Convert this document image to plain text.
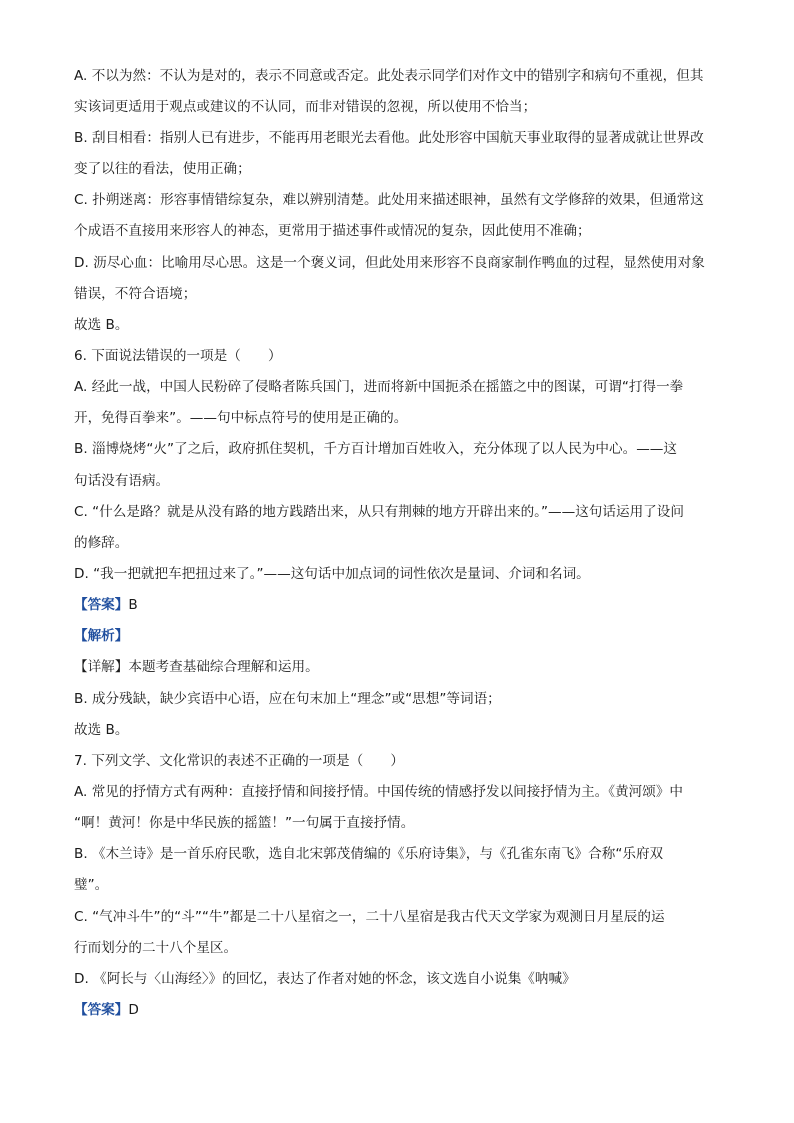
A. 不以为然：不认为是对的，表示不同意或否定。此处表示同学们对作文中的错别字和病句不重视，但其
实该词更适用于观点或建议的不认同，而非对错误的忽视，所以使用不恰当；
B. 刮目相看：指别人已有进步，不能再用老眼光去看他。此处形容中国航天事业取得的显著成就让世界改
变了以往的看法，使用正确；
C. 扑朔迷离：形容事情错综复杂，难以辨别清楚。此处用来描述眼神，虽然有文学修辞的效果，但通常这
个成语不直接用来形容人的神态，更常用于描述事件或情况的复杂，因此使用不准确；
D. 沥尽心血：比喻用尽心思。这是一个褒义词，但此处用来形容不良商家制作鸭血的过程，显然使用对象
错误，不符合语境；
故选 B。
6. 下面说法错误的一项是（　　）
A. 经此一战，中国人民粉碎了侵略者陈兵国门，进而将新中国扼杀在摇篮之中的图谋，可谓“打得一拳
开，免得百拳来”。——句中标点符号的使用是正确的。
B. 淄博烧烤“火”了之后，政府抓住契机，千方百计增加百姓收入，充分体现了以人民为中心。——这
句话没有语病。
C. “什么是路？就是从没有路的地方践踏出来，从只有荆棘的地方开辟出来的。”——这句话运用了设问
的修辞。
D. “我一把就把车把扭过来了。”——这句话中加点词的词性依次是量词、介词和名词。
【答案】B
【解析】
【详解】本题考查基础综合理解和运用。
B. 成分残缺，缺少宾语中心语，应在句末加上“理念”或“思想”等词语；
故选 B。
7. 下列文学、文化常识的表述不正确的一项是（　　）
A. 常见的抒情方式有两种：直接抒情和间接抒情。中国传统的情感抒发以间接抒情为主。《黄河颂》中
“啊！黄河！你是中华民族的摇篮！”一句属于直接抒情。
B. 《木兰诗》是一首乐府民歌，选自北宋郭茂倩编的《乐府诗集》，与《孔雀东南飞》合称“乐府双
璧”。
C. “气冲斗牛”的“斗”“牛”都是二十八星宿之一，二十八星宿是我古代天文学家为观测日月星辰的运
行而划分的二十八个星区。
D. 《阿长与〈山海经〉》的回忆，表达了作者对她的怀念，该文选自小说集《呐喊》
【答案】D
